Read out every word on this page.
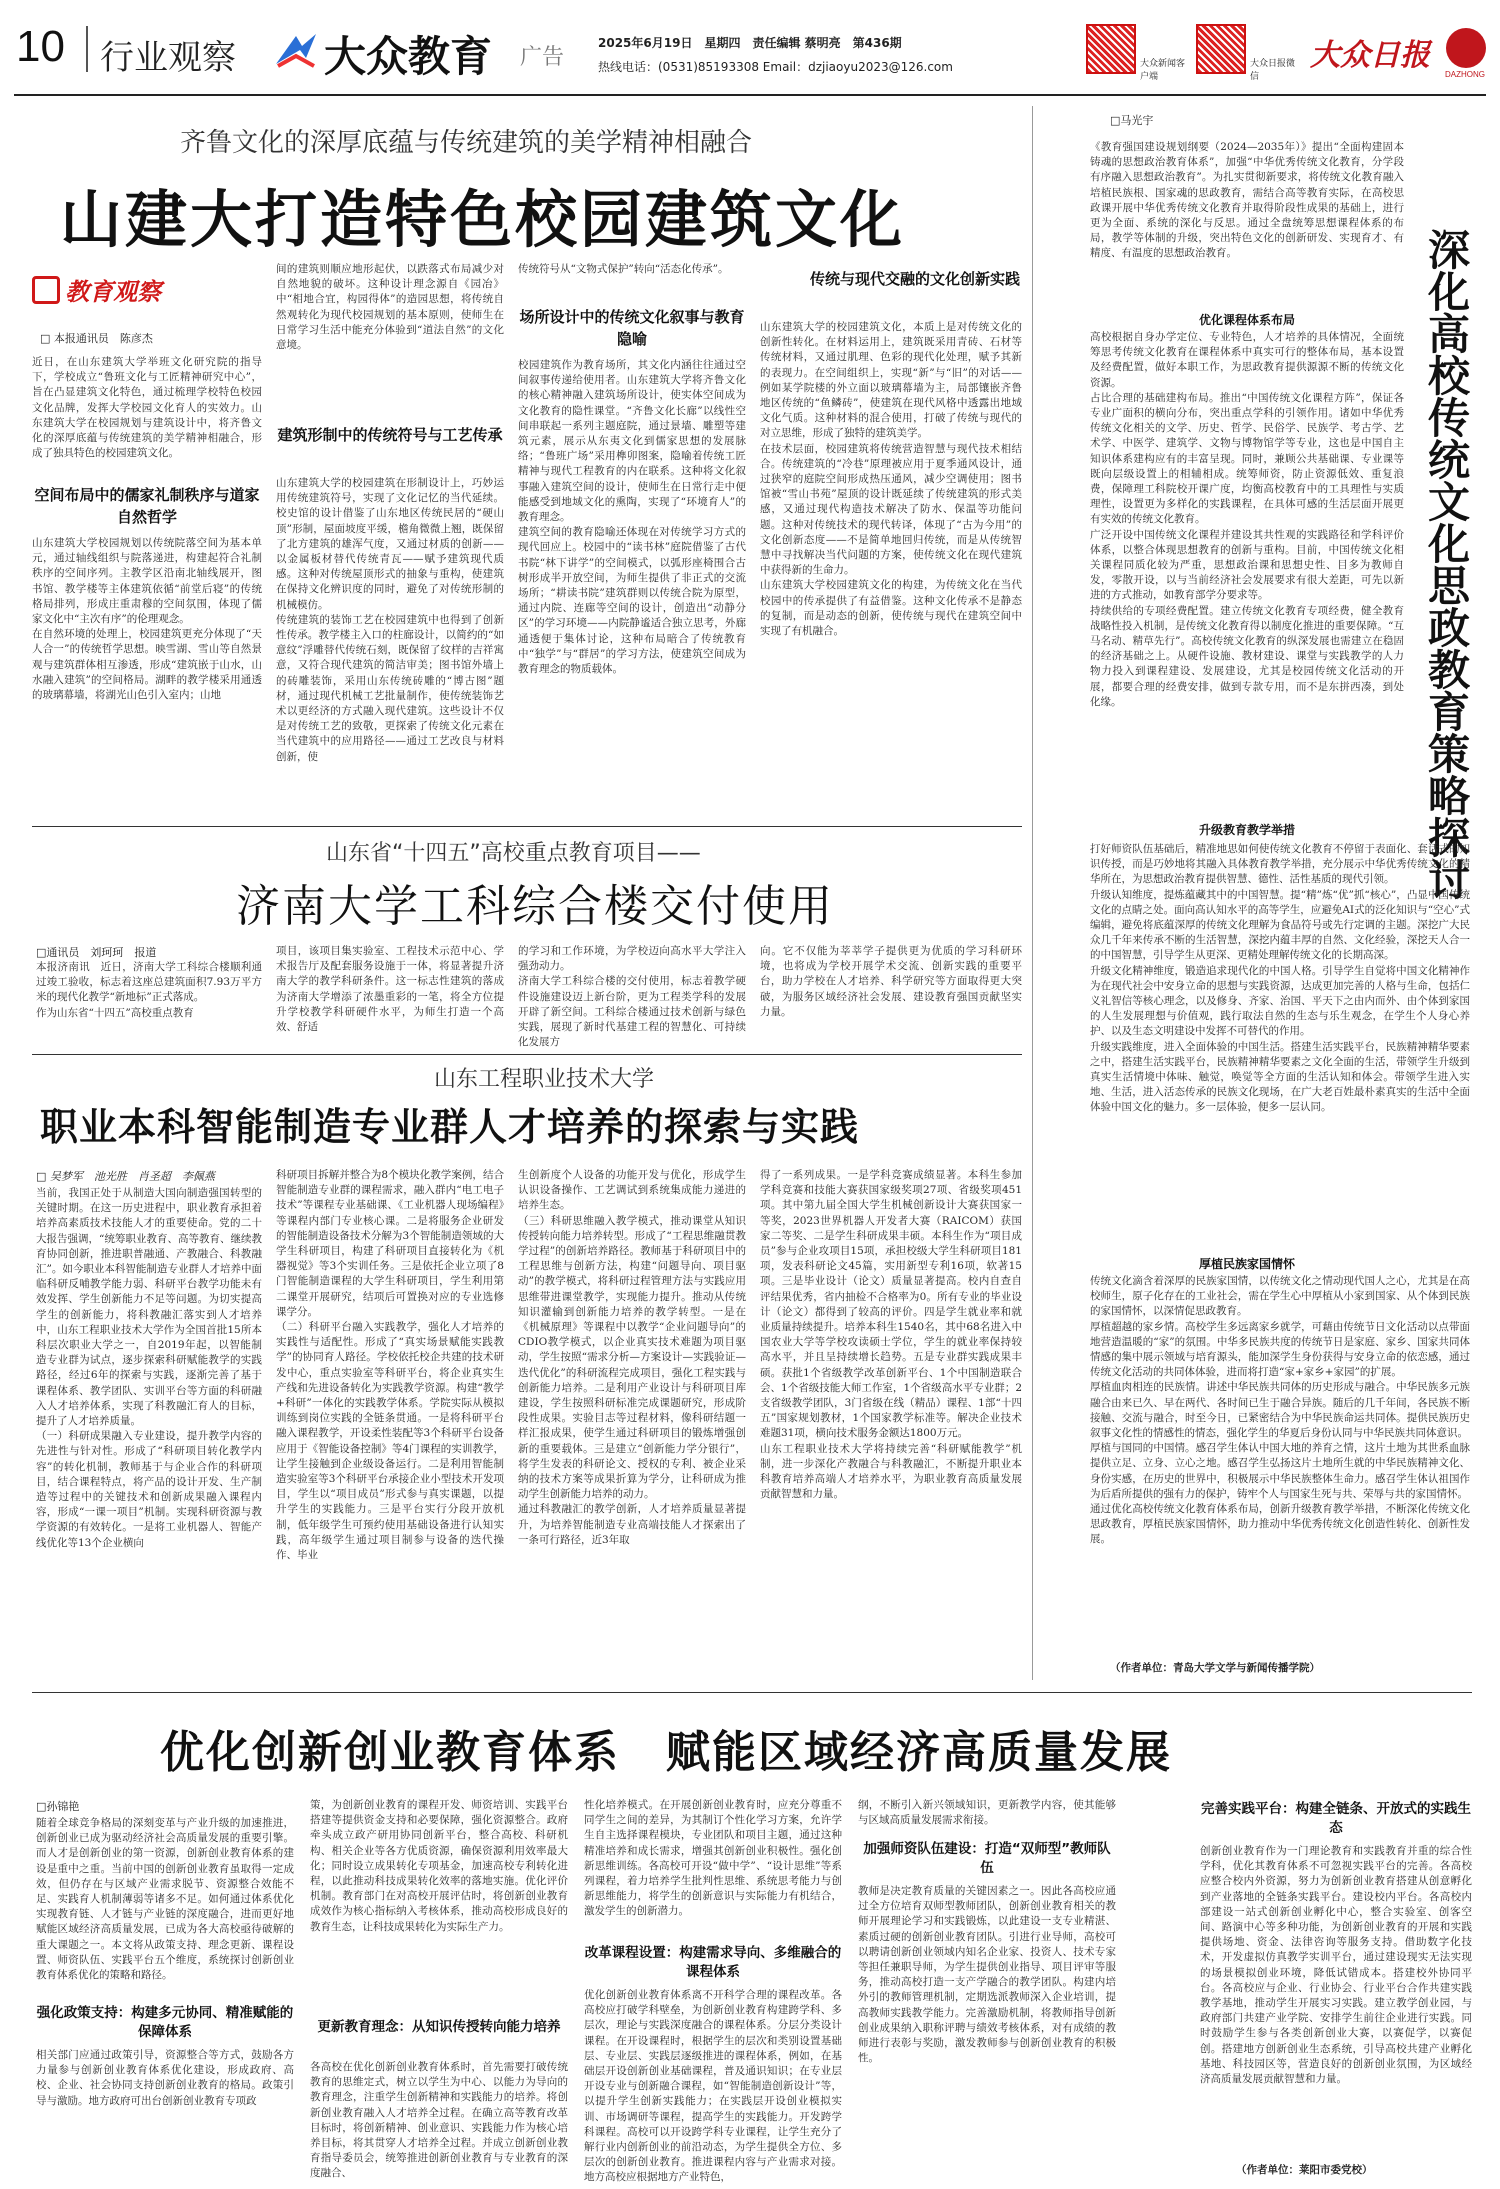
10 行业观察 大众教育 广告
2025年6月19日　星期四　责任编辑 蔡明亮　第436期
热线电话：(0531)85193308 Email：dzjiaoyu2023@126.com	大众新闻客户端
大众日报微信
大众日报
DAZHONG
齐鲁文化的深厚底蕴与传统建筑的美学精神相融合
山建大打造特色校园建筑文化
教育观察
□ 本报通讯员　陈彦杰
近日，在山东建筑大学举班文化研究院的指导下，学校成立“鲁班文化与工匠精神研究中心”，旨在凸显建筑文化特色，通过梳理学校特色校园文化品牌，发挥大学校园文化育人的实效力。山东建筑大学在校园规划与建筑设计中，将齐鲁文化的深厚底蕴与传统建筑的美学精神相融合，形成了独具特色的校园建筑文化。
空间布局中的儒家礼制秩序与道家自然哲学
山东建筑大学校园规划以传统院落空间为基本单元，通过轴线组织与院落递进，构建起符合礼制秩序的空间序列。主教学区沿南北轴线展开，图书馆、教学楼等主体建筑依循“前堂后寝”的传统格局排列，形成庄重肃穆的空间氛围，体现了儒家文化中“主次有序”的伦理观念。
在自然环境的处理上，校园建筑更充分体现了“天人合一”的传统哲学思想。映雪湖、雪山等自然景观与建筑群体相互渗透，形成“建筑嵌于山水，山水融入建筑”的空间格局。湖畔的教学楼采用通透的玻璃幕墙，将湖光山色引入室内；山地
间的建筑则顺应地形起伏，以跌落式布局减少对自然地貌的破坏。这种设计理念源自《园冶》中“相地合宜，构园得体”的造园思想，将传统自然观转化为现代校园规划的基本原则，使师生在日常学习生活中能充分体验到“道法自然”的文化意境。
建筑形制中的传统符号与工艺传承
山东建筑大学的校园建筑在形制设计上，巧妙运用传统建筑符号，实现了文化记忆的当代延续。校史馆的设计借鉴了山东地区传统民居的“硬山顶”形制，屋面坡度平缓，檐角微微上翘，既保留了北方建筑的雄浑气度，又通过材质的创新——以金属板材替代传统青瓦——赋予建筑现代质感。这种对传统屋顶形式的抽象与重构，使建筑在保持文化辨识度的同时，避免了对传统形制的机械模仿。
传统建筑的装饰工艺在校园建筑中也得到了创新性传承。教学楼主入口的柱廊设计，以简约的“如意纹”浮雕替代传统石刻，既保留了纹样的吉祥寓意，又符合现代建筑的简洁审美；图书馆外墙上的砖雕装饰，采用山东传统砖雕的“博古图”题材，通过现代机械工艺批量制作，使传统装饰艺术以更经济的方式融入现代建筑。这些设计不仅是对传统工艺的致敬，更探索了传统文化元素在当代建筑中的应用路径——通过工艺改良与材料创新，使
传统符号从“文物式保护”转向“活态化传承”。
场所设计中的传统文化叙事与教育隐喻
校园建筑作为教育场所，其文化内涵往往通过空间叙事传递给使用者。山东建筑大学将齐鲁文化的核心精神融入建筑场所设计，使实体空间成为文化教育的隐性课堂。“齐鲁文化长廊”以线性空间串联起一系列主题庭院，通过景墙、雕塑等建筑元素，展示从东夷文化到儒家思想的发展脉络；“鲁班广场”采用榫卯图案，隐喻着传统工匠精神与现代工程教育的内在联系。这种将文化叙事融入建筑空间的设计，使师生在日常行走中便能感受到地域文化的熏陶，实现了“环境育人”的教育理念。
建筑空间的教育隐喻还体现在对传统学习方式的现代回应上。校园中的“读书林”庭院借鉴了古代书院“林下讲学”的空间模式，以弧形座椅围合古树形成半开放空间，为师生提供了非正式的交流场所；“耕读书院”建筑群则以传统合院为原型，通过内院、连廊等空间的设计，创造出“动静分区”的学习环境——内院静谧适合独立思考，外廊通透便于集体讨论，这种布局暗合了传统教育中“独学”与“群居”的学习方法，使建筑空间成为教育理念的物质载体。
传统与现代交融的文化创新实践
山东建筑大学的校园建筑文化，本质上是对传统文化的创新性转化。在材料运用上，建筑既采用青砖、石材等传统材料，又通过肌理、色彩的现代化处理，赋予其新的表现力。在空间组织上，实现“新”与“旧”的对话——例如某学院楼的外立面以玻璃幕墙为主，局部镶嵌齐鲁地区传统的“鱼鳞砖”，使建筑在现代风格中透露出地域文化气质。这种材料的混合使用，打破了传统与现代的对立思维，形成了独特的建筑美学。
在技术层面，校园建筑将传统营造智慧与现代技术相结合。传统建筑的“冷巷”原理被应用于夏季通风设计，通过狭窄的庭院空间形成热压通风，减少空调使用；图书馆被“雪山书苑”屋顶的设计既延续了传统建筑的形式美感，又通过现代构造技术解决了防水、保温等功能问题。这种对传统技术的现代转译，体现了“古为今用”的文化创新态度——不是简单地回归传统，而是从传统智慧中寻找解决当代问题的方案，使传统文化在现代建筑中获得新的生命力。
山东建筑大学校园建筑文化的构建，为传统文化在当代校园中的传承提供了有益借鉴。这种文化传承不是静态的复制，而是动态的创新，使传统与现代在建筑空间中实现了有机融合。
山东省“十四五”高校重点教育项目——
济南大学工科综合楼交付使用
□通讯员　刘珂珂　报道
本报济南讯　近日，济南大学工科综合楼顺利通过竣工验收，标志着这座总建筑面积7.93万平方米的现代化教学“新地标”正式落成。
作为山东省“十四五”高校重点教育
项目，该项目集实验室、工程技术示范中心、学术报告厅及配套服务设施于一体，将显著提升济南大学的教学科研条件。这一标志性建筑的落成为济南大学增添了浓墨重彩的一笔，将全方位提升学校教学科研硬件水平，为师生打造一个高效、舒适
的学习和工作环境，为学校迈向高水平大学注入强劲动力。
济南大学工科综合楼的交付使用，标志着教学硬件设施建设迈上新台阶，更为工程类学科的发展开辟了新空间。工科综合楼通过技术创新与绿色实践，展现了新时代基建工程的智慧化、可持续化发展方
向。它不仅能为莘莘学子提供更为优质的学习科研环境，也将成为学校开展学术交流、创新实践的重要平台，助力学校在人才培养、科学研究等方面取得更大突破，为服务区域经济社会发展、建设教育强国贡献坚实力量。
山东工程职业技术大学
职业本科智能制造专业群人才培养的探索与实践
□ 吴梦军　池光胜　肖圣超　李佩燕
当前，我国正处于从制造大国向制造强国转型的关键时期。在这一历史进程中，职业教育承担着培养高素质技术技能人才的重要使命。党的二十大报告强调，“统筹职业教育、高等教育、继续教育协同创新，推进职普融通、产教融合、科教融汇”。如今职业本科智能制造专业群人才培养中面临科研反哺教学能力弱、科研平台教学功能未有效发挥、学生创新能力不足等问题。为切实提高学生的创新能力，将科教融汇落实到人才培养中，山东工程职业技术大学作为全国首批15所本科层次职业大学之一，自2019年起，以智能制造专业群为试点，逐步探索科研赋能教学的实践路径，经过6年的探索与实践，逐渐完善了基于课程体系、教学团队、实训平台等方面的科研融入人才培养体系，实现了科教融汇育人的目标，提升了人才培养质量。
（一）科研成果融入专业建设，提升教学内容的先进性与针对性。形成了“科研项目转化教学内容”的转化机制，教师基于与企业合作的科研项目，结合课程特点，将产品的设计开发、生产制造等过程中的关键技术和创新成果融入课程内容，形成“一课一项目”机制。实现科研资源与教学资源的有效转化。一是将工业机器人、智能产线优化等13个企业横向
科研项目拆解并整合为8个模块化教学案例，结合智能制造专业群的课程需求，融入群内“电工电子技术”等课程专业基础课、《工业机器人现场编程》等课程内部门专业核心课。二是将服务企业研发的智能制造设备技术分解为3个智能制造领域的大学生科研项目，构建了科研项目直接转化为《机器视觉》等3个实训任务。三是依托企业立项了8门智能制造课程的大学生科研项目，学生利用第二课堂开展研究，结项后可置换对应的专业选修课学分。
（二）科研平台融入实践教学，强化人才培养的实践性与适配性。形成了“真实场景赋能实践教学”的协同育人路径。学校依托校企共建的技术研发中心，重点实验室等科研平台，将企业真实生产线和先进设备转化为实践教学资源。构建“教学+科研”一体化的实践教学体系。学院实际从模拟训练到岗位实践的全链条贯通。一是将科研平台融入课程教学，开设柔性装配等3个科研平台设备应用于《智能设备控制》等4门课程的实训教学，让学生接触到企业级设备运行。二是利用智能制造实验室等3个科研平台承接企业小型技术开发项目，学生以“项目成员”形式参与真实课题，以提升学生的实践能力。三是平台实行分段开放机制，低年级学生可预约使用基础设备进行认知实践，高年级学生通过项目制参与设备的迭代操作、毕业
生创新度个人设备的功能开发与优化，形成学生认识设备操作、工艺调试到系统集成能力递进的培养生态。
（三）科研思维融入教学模式，推动课堂从知识传授转向能力培养转型。形成了“工程思维融贯教学过程”的创新培养路径。教师基于科研项目中的工程思维与创新方法，构建“问题导向、项目驱动”的教学模式，将科研过程管理方法与实践应用思维带进课堂教学，实现能力提升。推动从传统知识灌输到创新能力培养的教学转型。一是在《机械原理》等课程中以教学“企业问题导向”的CDIO教学模式，以企业真实技术难题为项目驱动，学生按照“需求分析—方案设计—实践验证—迭代优化”的科研流程完成项目，强化工程实践与创新能力培养。二是利用产业设计与科研项目库建设，学生按照科研标准完成课题研究，形成阶段性成果。实验目志等过程材料，像科研结题一样汇报成果，使学生通过科研项目的锻炼增强创新的重要载体。三是建立“创新能力学分银行”，将学生发表的科研论文、授权的专利、被企业采纳的技术方案等成果折算为学分，让科研成为推动学生创新能力培养的动力。
通过科教融汇的教学创新，人才培养质量显著提升，为培养智能制造专业高端技能人才探索出了一条可行路径，近3年取
得了一系列成果。一是学科竞赛成绩显著。本科生参加学科竞赛和技能大赛获国家级奖项27项、省级奖项451项。其中第九届全国大学生机械创新设计大赛获国家一等奖，2023世界机器人开发者大赛（RAICOM）获国家二等奖、二是学生科研成果丰硕。本科生作为“项目成员”参与企业攻项目15项，承担校级大学生科研项目181项，发表科研论文45篇，实用新型专利16项，软著15项。三是毕业设计（论文）质量显著提高。校内自查自评结果优秀，省内抽检不合格率为0。所有专业的毕业设计（论文）都得到了较高的评价。四是学生就业率和就业质量持续提升。培养本科生1540名，其中68名进入中国农业大学等学校攻读硕士学位，学生的就业率保持较高水平，并且呈持续增长趋势。五是专业群实践成果丰硕。获批1个省级教学改革创新平台、1个中国制造联合会、1个省级技能大师工作室，1个省级高水平专业群；2支省级教学团队，3门省级在线（精品）课程、1部“十四五”国家规划教材，1个国家教学标准等。解决企业技术难题31项，横向技术服务金额达1800万元。
山东工程职业技术大学将持续完善“科研赋能教学”机制，进一步深化产教融合与科教融汇，不断提升职业本科教育培养高端人才培养水平，为职业教育高质量发展贡献智慧和力量。
□马光宇
《教育强国建设规划纲要（2024—2035年）》提出“全面构建固本铸魂的思想政治教育体系”，加强“中华优秀传统文化教育，分学段有序融入思想政治教育”。为扎实贯彻新要求，将传统文化教育融入培植民族根、国家魂的思政教育，需结合高等教育实际，在高校思政课开展中华优秀传统文化教育并取得阶段性成果的基础上，进行更为全面、系统的深化与反思。通过全盘统筹思想课程体系的布局，教学等体制的升级，突出特色文化的创新研发、实现育才、有精度、有温度的思想政治教育。	深化高校传统文化思政教育策略探讨
优化课程体系布局
高校根据自身办学定位、专业特色，人才培养的具体情况，全面统筹思考传统文化教育在课程体系中真实可行的整体布局，基本设置及经费配置，做好本职工作，为思政教育提供源源不断的传统文化资源。
占比合理的基础建构布局。推出“中国传统文化课程方阵”，保证各专业广面积的横向分布，突出重点学科的引领作用。诸如中华优秀传统文化相关的文学、历史、哲学、民俗学、民族学、考古学、艺术学、中医学、建筑学、文物与博物馆学等专业，这也是中国自主知识体系建构应有的丰富呈现。同时，兼顾公共基础课、专业课等既向层级设置上的相辅相成。统筹师资，防止资源低效、重复浪费，保障理工科院校开课广度，均衡高校教育中的工具理性与实质理性，设置更为多样化的实践课程，在具体可感的生活层面开展更有实效的传统文化教育。
广泛开设中国传统文化课程并建设其共性观的实践路径和学科评价体系，以整合体现思想教育的创新与重构。目前，中国传统文化相关课程同质化较为严重，思想政治课和思想史性、目多为教师自发，零散开设，以与当前经济社会发展要求有很大差距，可先以新进的方式推动，如教育部学分要求等。
持续供给的专项经费配置。建立传统文化教育专项经费，健全教育战略性投入机制，是传统文化教育得以制度化推进的重要保障。“互马名动、精草先行”。高校传统文化教育的纵深发展也需建立在稳固的经济基础之上。从硬件设施、教材建设、课堂与实践教学的人力物力投入到课程建设、发展建设，尤其是校园传统文化活动的开展，都要合理的经费安排，做到专款专用，而不是东拼西凑，到处化缘。
升级教育教学举措
打好师资队伍基础后，精准地思如何使传统文化教育不停留于表面化、套话式的知识传授，而是巧妙地将其融入具体教育教学举措，充分展示中华优秀传统文化的精华所在，为思想政治教育提供智慧、德性、活性基质的现代引领。
升级认知维度，提炼蕴藏其中的中国智慧。提“精”炼“优”抓“核心”，凸显中国传统文化的点睛之处。面向高认知水平的高等学生，应避免AI式的泛化知识与“空心”式编辑，避免将底蕴深厚的传统文化理解为食品符号或先行定调的主题。深挖广大民众几千年来传承不断的生活智慧，深挖内蕴丰厚的自然、文化经验，深挖天人合一的中国智慧，引导学生从更深、更精处理解传统文化的长期高深。
升级文化精神维度，锻造追求现代化的中国人格。引导学生自觉将中国文化精神作为在现代社会中安身立命的思想与实践资源，达成更加完善的人格与生命，包括仁义礼智信等核心理念，以及修身、齐家、治国、平天下之由内而外、由个体到家国的人生发展理想与价值观，践行取法自然的生态与乐生观念，在学生个人身心养护、以及生态文明建设中发挥不可替代的作用。
升级实践维度，进入全面体验的中国生活。搭建生活实践平台，民族精神精华要素之中，搭建生活实践平台，民族精神精华要素之文化全面的生活，带领学生升级到真实生活情境中体味、触觉，唤觉等全方面的生活认知和体会。带领学生进入实地、生活，进入活态传承的民族文化现场，在广大老百姓最朴素真实的生活中全面体验中国文化的魅力。多一层体验，便多一层认同。
厚植民族家国情怀
传统文化滴含着深厚的民族家国情，以传统文化之情动现代国人之心，尤其是在高校师生，原子化存在的工业社会，需在学生心中厚植从小家到国家、从个体到民族的家国情怀，以深情促思政教育。
厚植超越的家乡情。高校学生多远离家乡就学，可藉由传统节日文化活动以点带面地营造温暖的“家”的氛围。中华多民族共度的传统节日是家庭、家乡、国家共同体情感的集中展示领域与培育源头，能加深学生身份获得与安身立命的依恋感，通过传统文化活动的共同体体验，进而将打造“家+家乡+家园”的扩展。
厚植血肉相连的民族情。讲述中华民族共同体的历史形成与融合。中华民族多元族融合由来已久、早在两代、各时间已生于融合异族。随后的几千年间，各民族不断接触、交流与融合，时至今日，已紧密结合为中华民族命运共同体。提供民族历史叙事文化性的情感性的情态，强化学生的华夏后身份认同与中华民族共同体意识。
厚植与国同的中国情。感召学生体认中国大地的养育之情，这片土地为其世系血脉提供立足、立身、立心之地。感召学生弘扬这片土地所生就的中华民族精神文化、身份实感，在历史的世界中，积极展示中华民族整体生命力。感召学生体认祖国作为后盾所提供的强有力的保护，铸牢个人与国家生死与共、荣辱与共的家国情怀。
通过优化高校传统文化教育体系布局，创新升级教育教学举措，不断深化传统文化思政教育，厚植民族家国情怀，助力推动中华优秀传统文化创造性转化、创新性发展。
（作者单位：青岛大学文学与新闻传播学院）
优化创新创业教育体系　赋能区域经济高质量发展
□孙锦艳
随着全球竞争格局的深刻变革与产业升级的加速推进，创新创业已成为驱动经济社会高质量发展的重要引擎。而人才是创新创业的第一资源，创新创业教育体系的建设是重中之重。当前中国的创新创业教育虽取得一定成效，但仍存在与区域产业需求脱节、资源整合效能不足、实践育人机制薄弱等诸多不足。如何通过体系优化实现教育链、人才链与产业链的深度融合，进而更好地赋能区域经济高质量发展，已成为各大高校亟待破解的重大课题之一。本文将从政策支持、理念更新、课程设置、师资队伍、实践平台五个维度，系统探讨创新创业教育体系优化的策略和路径。
强化政策支持：构建多元协同、精准赋能的保障体系
相关部门应通过政策引导，资源整合等方式，鼓励各方力量参与创新创业教育体系优化建设，形成政府、高校、企业、社会协同支持创新创业教育的格局。政策引导与激励。地方政府可出台创新创业教育专项政
策，为创新创业教育的课程开发、师资培训、实践平台搭建等提供资金支持和必要保障，强化资源整合。政府牵头成立政产研用协同创新平台，整合高校、科研机构、相关企业等各方优质资源，确保资源利用效率最大化；同时设立成果转化专项基金，加速高校专利转化进程，以此推动科技成果转化效率的落地实施。优化评价机制。教育部门在对高校开展评估时，将创新创业教育成效作为核心指标纳入考核体系，推动高校形成良好的教育生态，让科技成果转化为实际生产力。
更新教育理念：从知识传授转向能力培养
各高校在优化创新创业教育体系时，首先需要打破传统教育的思维定式，树立以学生为中心、以能力为导向的教育理念，注重学生创新精神和实践能力的培养。将创新创业教育融入人才培养全过程。在确立高等教育改革目标时，将创新精神、创业意识、实践能力作为核心培养目标，将其贯穿人才培养全过程。并成立创新创业教育指导委员会，统筹推进创新创业教育与专业教育的深度融合、
性化培养模式。在开展创新创业教育时，应充分尊重不同学生之间的差异，为其制订个性化学习方案，允许学生自主选择课程模块，专业团队和项目主题，通过这种精准培养和成长需求，增强其创新创业积极性。强化创新思维训练。各高校可开设“做中学”、“设计思维”等系列课程，着力培养学生批判性思维、系统思考能力与创新思维能力，将学生的创新意识与实际能力有机结合，激发学生的创新潜力。
改革课程设置：构建需求导向、多维融合的课程体系
优化创新创业教育体系离不开科学合理的课程改革。各高校应打破学科壁垒，为创新创业教育构建跨学科、多层次，理论与实践深度融合的课程体系。分层分类设计课程。在开设课程时，根据学生的层次和类别设置基础层、专业层、实践层逐级推进的课程体系，例如，在基础层开设创新创业基础课程，普及通识知识；在专业层开设专业与创新融合课程，如“智能制造创新设计”等，以提升学生创新实践能力；在实践层开设创业模拟实训、市场调研等课程，提高学生的实践能力。开发跨学科课程。高校可以开设跨学科专业课程，让学生充分了解行业内创新创业的前沿动态，为学生提供全方位、多层次的创新创业教育。推进课程内容与产业需求对接。地方高校应根据地方产业特色，
纲，不断引入新兴领域知识，更新教学内容，使其能够与区域高质量发展需求衔接。
加强师资队伍建设：打造“双师型”教师队伍
教师是决定教育质量的关键因素之一。因此各高校应通过全方位培育双师型教师团队，创新创业教育相关的教师开展理论学习和实践锻炼，以此建设一支专业精湛、素质过硬的创新创业教育团队。引进行业导师，高校可以聘请创新创业领域内知名企业家、投资人、技术专家等担任兼职导师，为学生提供创业指导、项目评审等服务，推动高校打造一支产学融合的教学团队。构建内培外引的教师管理机制，定期选派教师深入企业培训，提高教师实践教学能力。完善激励机制，将教师指导创新创业成果纳入职称评聘与绩效考核体系，对有成绩的教师进行表彰与奖励，激发教师参与创新创业教育的积极性。
完善实践平台：构建全链条、开放式的实践生态
创新创业教育作为一门理论教育和实践教育并重的综合性学科，优化其教育体系不可忽视实践平台的完善。各高校应整合校内外资源，努力为创新创业教育搭建从创意孵化到产业落地的全链条实践平台。建设校内平台。各高校内部建设一站式创新创业孵化中心，整合实验室、创客空间、路演中心等多种功能，为创新创业教育的开展和实践提供场地、资金、法律咨询等服务支持。借助数字化技术，开发虚拟仿真教学实训平台，通过建设现实无法实现的场景模拟创业环境，降低试错成本。搭建校外协同平台。各高校应与企业、行业协会、行业平台合作共建实践教学基地，推动学生开展实习实践。建立教学创业园，与政府部门共建产业学院、安排学生前往企业进行实践。同时鼓励学生参与各类创新创业大赛，以赛促学，以赛促创。搭建地方创新创业生态系统，引导高校共建产业孵化基地、科技园区等，营造良好的创新创业氛围，为区域经济高质量发展贡献智慧和力量。
（作者单位：莱阳市委党校）
